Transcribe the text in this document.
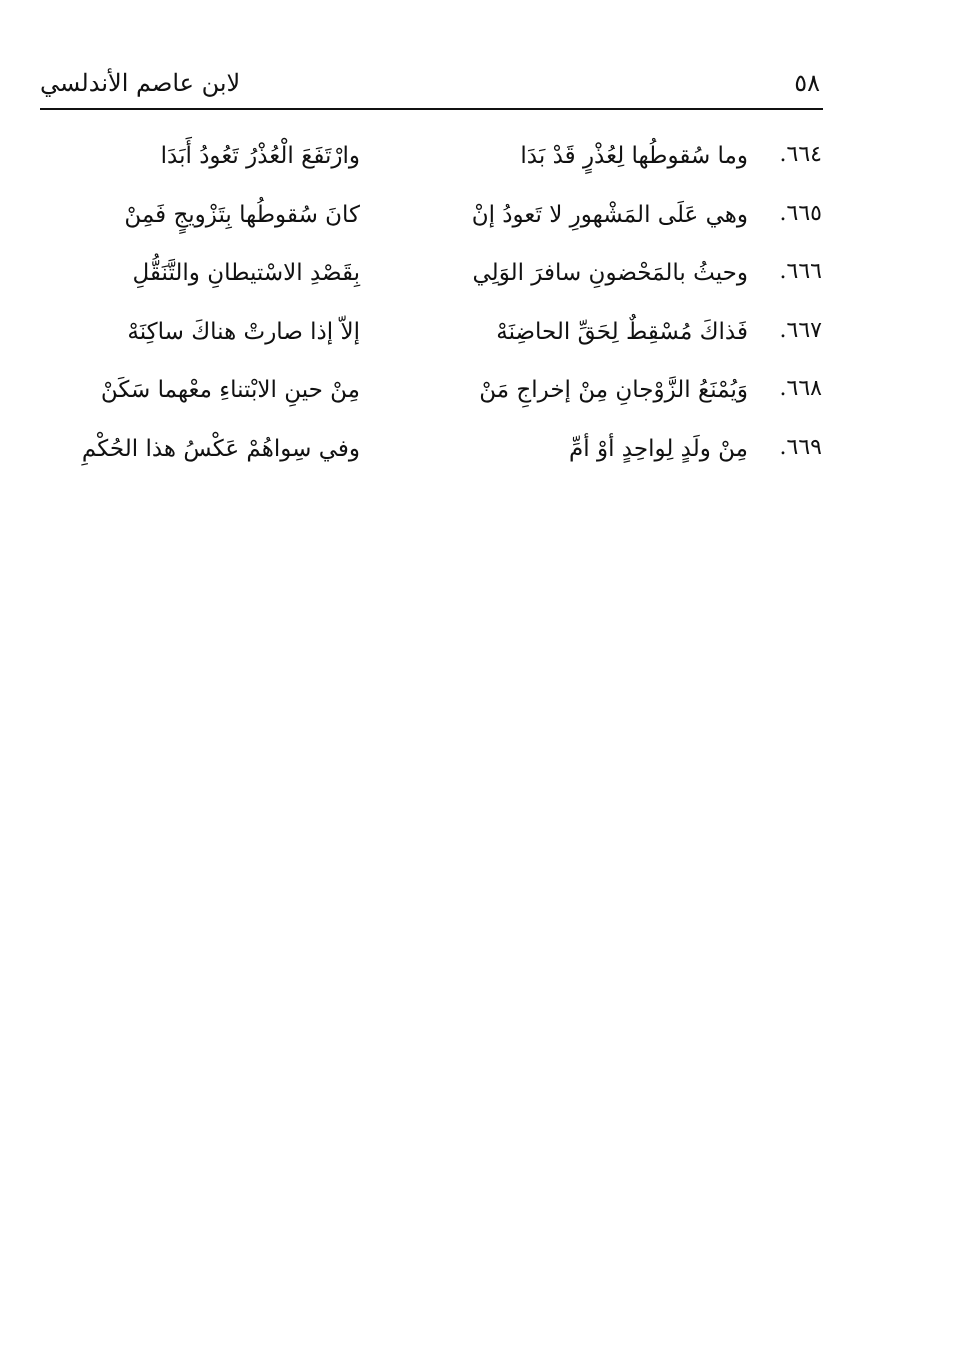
٥٨
لابن عاصم الأندلسي
٦٦٤.
وما سُقوطُها لِعُذْرٍ قَدْ بَدَا
وارْتَفَعَ الْعُذْرُ تَعُودُ أَبَدَا
٦٦٥.
وهي عَلَى المَشْهورِ لا تَعودُ إنْ
كانَ سُقوطُها بِتَزْويجٍ فَمِنْ
٦٦٦.
وحيثُ بالمَحْضونِ سافرَ الوَلِي
بِقَصْدِ الاسْتيطانِ والتَّنَقُّلِ
٦٦٧.
فَذاكَ مُسْقِطٌ لِحَقِّ الحاضِنَهْ
إلاّ إذا صارتْ هناكَ ساكِنَهْ
٦٦٨.
وَيُمْنَعُ الزَّوْجانِ مِنْ إخراجِ مَنْ
مِنْ حينِ الابْتناءِ معْهما سَكَنْ
٦٦٩.
مِنْ ولَدٍ لِواحِدٍ أوْ أمِّ
وفي سِواهُمْ عَكْسُ هذا الحُكْمِ
